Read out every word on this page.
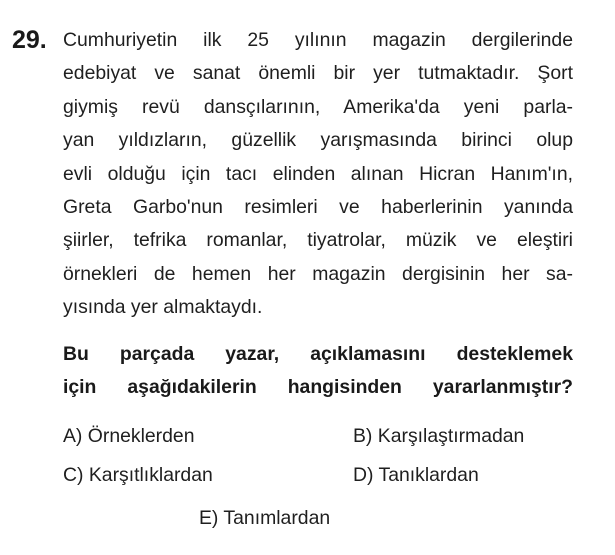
29. Cumhuriyetin ilk 25 yılının magazin dergilerinde
edebiyat ve sanat önemli bir yer tutmaktadır. Şort
giymiş revü dansçılarının, Amerika'da yeni parla-
yan yıldızların, güzellik yarışmasında birinci olup
evli olduğu için tacı elinden alınan Hicran Hanım'ın,
Greta Garbo'nun resimleri ve haberlerinin yanında
şiirler, tefrika romanlar, tiyatrolar, müzik ve eleştiri
örnekleri de hemen her magazin dergisinin her sa-
yısında yer almaktaydı.
Bu parçada yazar, açıklamasını desteklemek
için aşağıdakilerin hangisinden yararlanmıştır?
A) Örneklerden	B) Karşılaştırmadan
C) Karşıtlıklardan	D) Tanıklardan
E) Tanımlardan
